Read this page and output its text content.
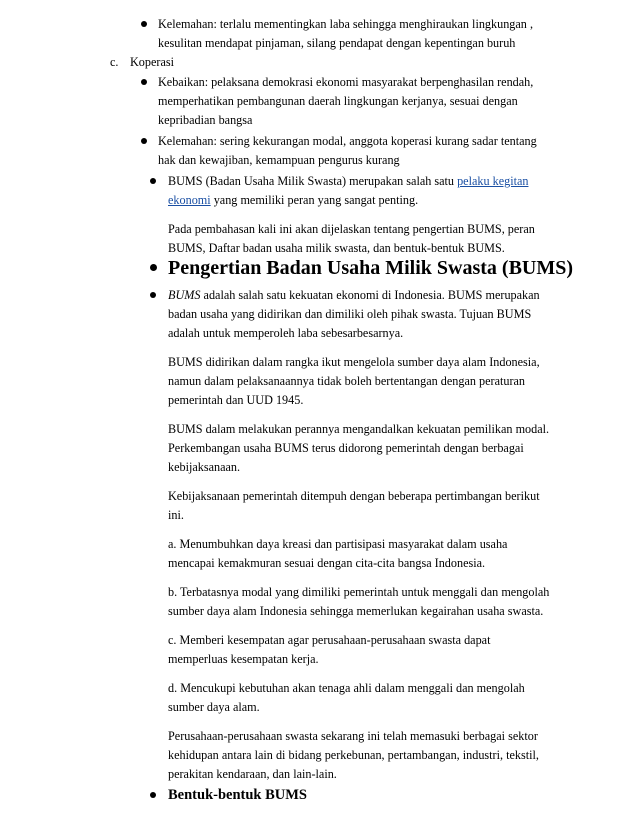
Kelemahan: terlalu mementingkan laba sehingga menghiraukan lingkungan ,
kesulitan mendapat pinjaman, silang pendapat dengan kepentingan buruh
c. Koperasi
Kebaikan: pelaksana demokrasi ekonomi masyarakat berpenghasilan rendah,
memperhatikan pembangunan daerah lingkungan kerjanya, sesuai dengan
kepribadian bangsa
Kelemahan: sering kekurangan modal, anggota koperasi kurang sadar tentang
hak dan kewajiban, kemampuan pengurus kurang
BUMS (Badan Usaha Milik Swasta) merupakan salah satu pelaku kegitan
ekonomi yang memiliki peran yang sangat penting.
Pada pembahasan kali ini akan dijelaskan tentang pengertian BUMS, peran
BUMS, Daftar badan usaha milik swasta, dan bentuk-bentuk BUMS.
Pengertian Badan Usaha Milik Swasta (BUMS)
BUMS adalah salah satu kekuatan ekonomi di Indonesia. BUMS merupakan
badan usaha yang didirikan dan dimiliki oleh pihak swasta. Tujuan BUMS
adalah untuk memperoleh laba sebesarbesarnya.
BUMS didirikan dalam rangka ikut mengelola sumber daya alam Indonesia,
namun dalam pelaksanaannya tidak boleh bertentangan dengan peraturan
pemerintah dan UUD 1945.
BUMS dalam melakukan perannya mengandalkan kekuatan pemilikan modal.
Perkembangan usaha BUMS terus didorong pemerintah dengan berbagai
kebijaksanaan.
Kebijaksanaan pemerintah ditempuh dengan beberapa pertimbangan berikut
ini.
a. Menumbuhkan daya kreasi dan partisipasi masyarakat dalam usaha
mencapai kemakmuran sesuai dengan cita-cita bangsa Indonesia.
b. Terbatasnya modal yang dimiliki pemerintah untuk menggali dan mengolah
sumber daya alam Indonesia sehingga memerlukan kegairahan usaha swasta.
c. Memberi kesempatan agar perusahaan-perusahaan swasta dapat
memperluas kesempatan kerja.
d. Mencukupi kebutuhan akan tenaga ahli dalam menggali dan mengolah
sumber daya alam.
Perusahaan-perusahaan swasta sekarang ini telah memasuki berbagai sektor
kehidupan antara lain di bidang perkebunan, pertambangan, industri, tekstil,
perakitan kendaraan, dan lain-lain.
Bentuk-bentuk BUMS
